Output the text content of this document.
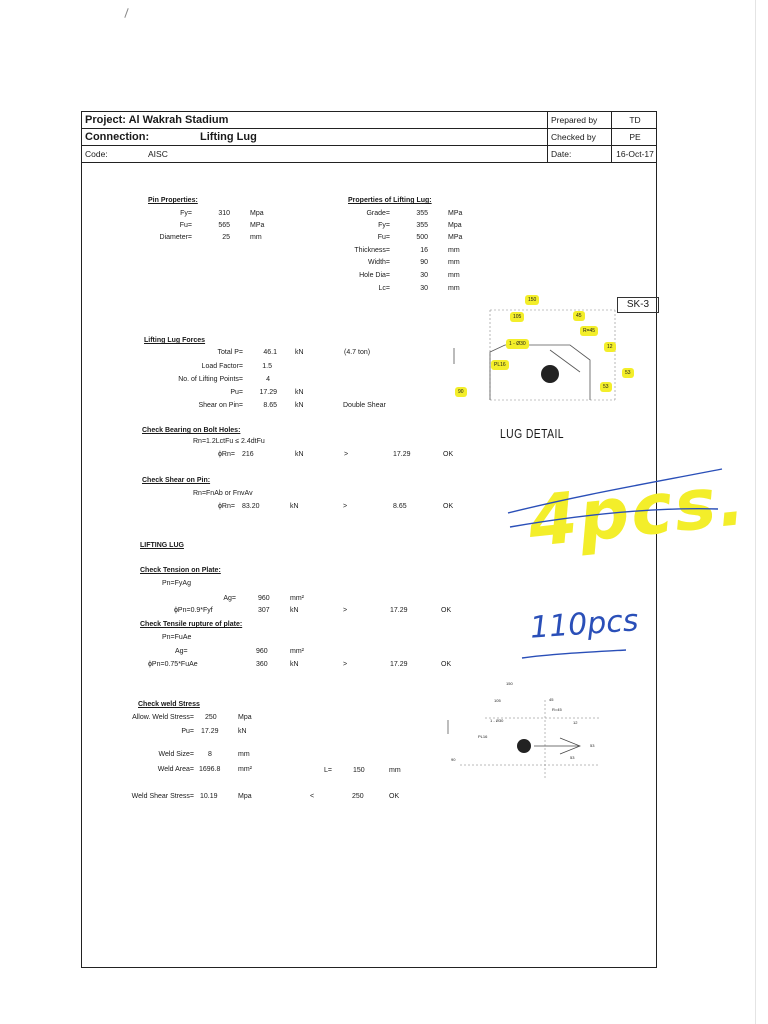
Project: Al Wakrah Stadium	Prepared by	TD
Connection:	Lifting Lug	Checked by	PE
Code:	AISC	Date:	16-Oct-17
Pin Properties:
Fy=	310	Mpa
Fu=	565	MPa
Diameter=	25	mm
Properties of Lifting Lug:
Grade=	355	MPa
Fy=	355	Mpa
Fu=	500	MPa
Thickness=	16	mm
Width=	90	mm
Hole Dia=	30	mm
Lc=	30	mm
Lifting Lug Forces
Total P=	46.1	kN	(4.7 ton)
Load Factor=	1.5
No. of Lifting Points=	4
Pu=	17.29	kN
Shear on Pin=	8.65	kN	Double Shear
Check Bearing on Bolt Holes:
Rn=1.2LctFu ≤ 2.4dtFu
ϕRn= 216	kN	>	17.29	OK
Check Shear on Pin:
Rn=FnAb or FnvAv
ϕRn= 83.20	kN	>	8.65	OK
LIFTING LUG
Check Tension on Plate:
Pn=FyAg
Ag=	960	mm²
ϕPn=0.9*Fyf	307	kN	>	17.29	OK
Check Tensile rupture of plate:
Pn=FuAe
Ag=	960	mm²
ϕPn=0.75*FuAe	360	kN	>	17.29	OK
Check weld Stress
Allow. Weld Stress= 250	Mpa
Pu= 17.29	kN
Weld Size= 8	mm
Weld Area= 1696.8	mm²	L=	150	mm
Weld Shear Stress= 10.19	Mpa	<	250	OK
SK-3
150
105	45
R=45
1 - Ø30	12
PL16
53
90
53
LUG DETAIL
150
105	45
R=45
1 - Ø30	12
PL16
53
90	53
4pcs.
110pcs
